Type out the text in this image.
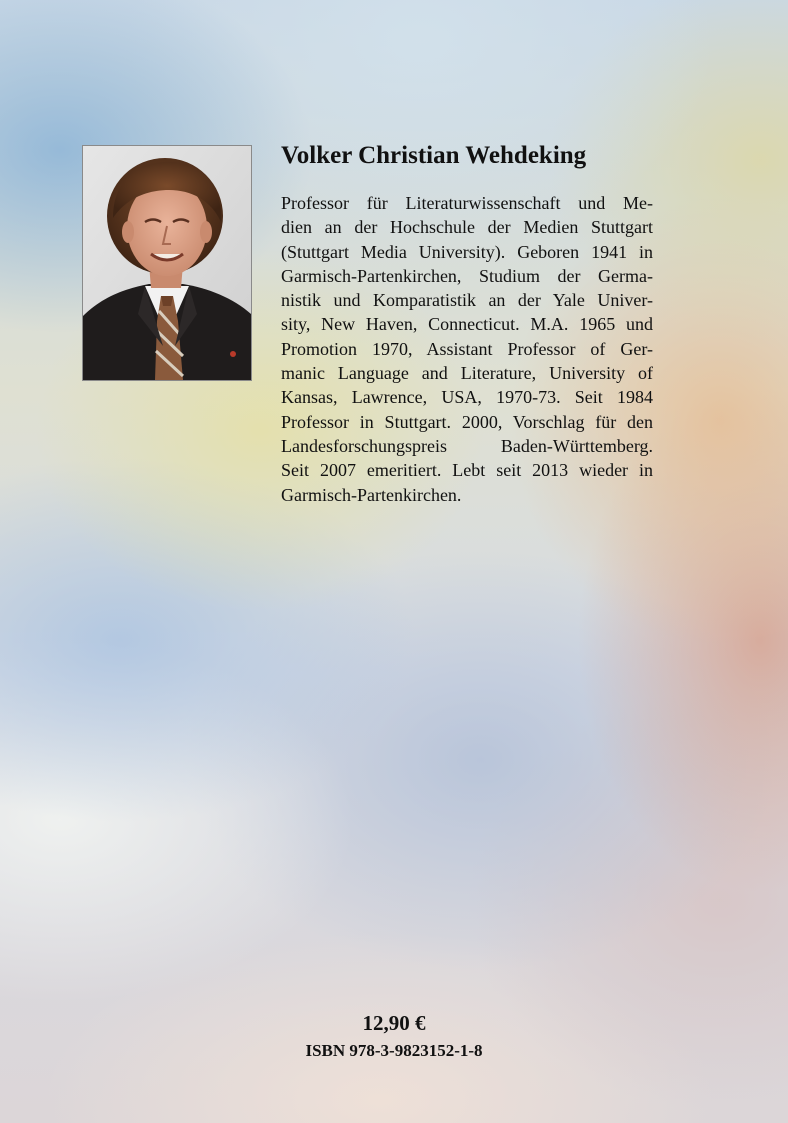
Volker Christian Wehdeking
Professor für Literaturwissenschaft und Me-
dien an der Hochschule der Medien Stuttgart
(Stuttgart Media University). Geboren 1941 in
Garmisch-Partenkirchen, Studium der Germa-
nistik und Komparatistik an der Yale Univer-
sity, New Haven, Connecticut. M.A. 1965 und
Promotion 1970, Assistant Professor of Ger-
manic Language and Literature, University of
Kansas, Lawrence, USA, 1970-73. Seit 1984
Professor in Stuttgart. 2000, Vorschlag für den
Landesforschungspreis Baden-Württemberg.
Seit 2007 emeritiert. Lebt seit 2013 wieder in
Garmisch-Partenkirchen.
12,90 €
ISBN 978-3-9823152-1-8
